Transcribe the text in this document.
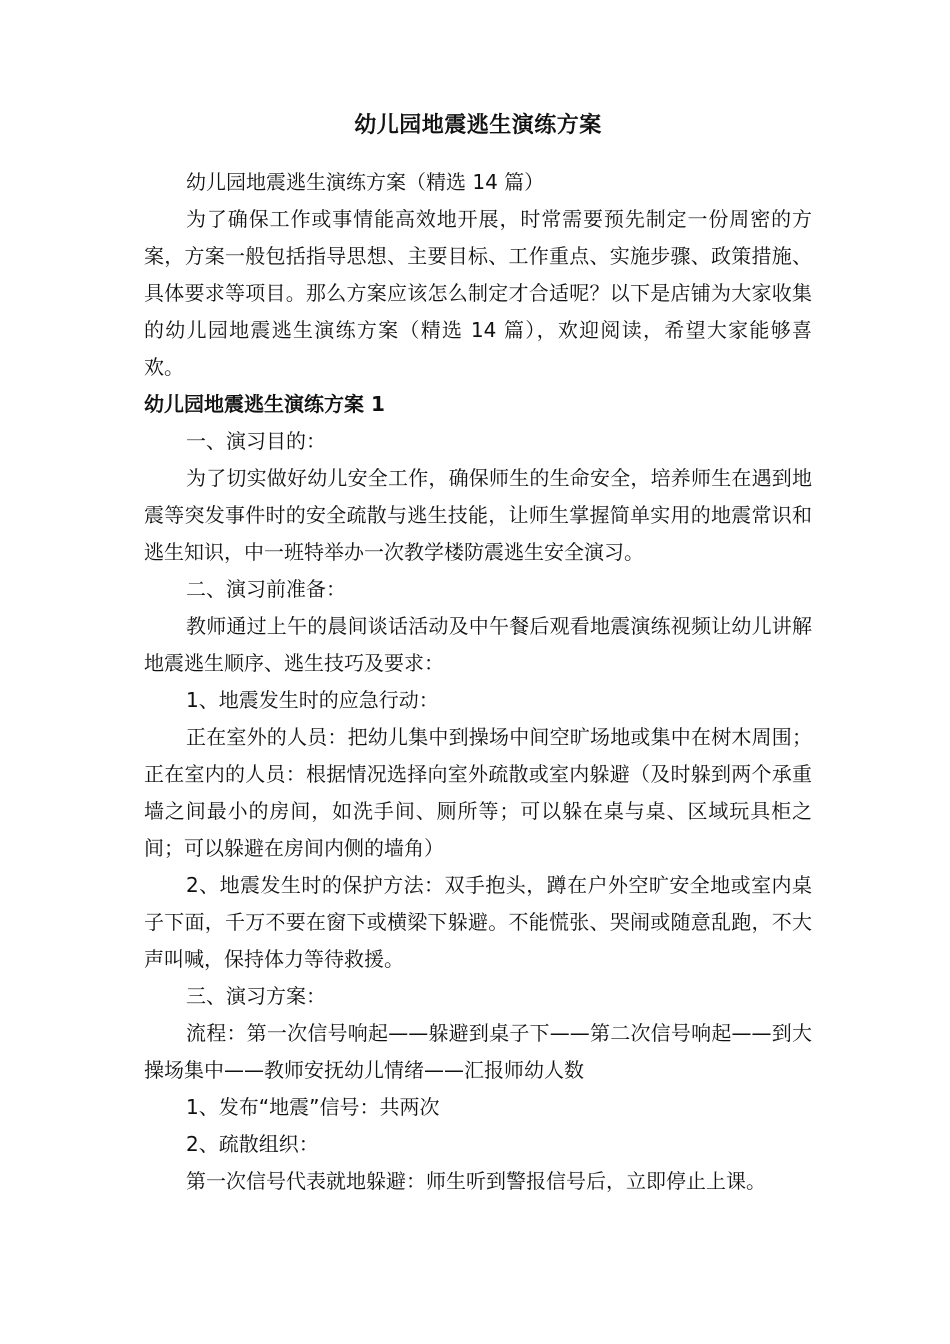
幼儿园地震逃生演练方案

幼儿园地震逃生演练方案（精选 14 篇）

为了确保工作或事情能高效地开展，时常需要预先制定一份周密的方案，方案一般包括指导思想、主要目标、工作重点、实施步骤、政策措施、具体要求等项目。那么方案应该怎么制定才合适呢？以下是店铺为大家收集的幼儿园地震逃生演练方案（精选 14 篇），欢迎阅读，希望大家能够喜欢。

幼儿园地震逃生演练方案 1

一、演习目的：

为了切实做好幼儿安全工作，确保师生的生命安全，培养师生在遇到地震等突发事件时的安全疏散与逃生技能，让师生掌握简单实用的地震常识和逃生知识，中一班特举办一次教学楼防震逃生安全演习。

二、演习前准备：

教师通过上午的晨间谈话活动及中午餐后观看地震演练视频让幼儿讲解地震逃生顺序、逃生技巧及要求：

1、地震发生时的应急行动：

正在室外的人员：把幼儿集中到操场中间空旷场地或集中在树木周围；正在室内的人员：根据情况选择向室外疏散或室内躲避（及时躲到两个承重墙之间最小的房间，如洗手间、厕所等；可以躲在桌与桌、区域玩具柜之间；可以躲避在房间内侧的墙角）

2、地震发生时的保护方法：双手抱头，蹲在户外空旷安全地或室内桌子下面，千万不要在窗下或横梁下躲避。不能慌张、哭闹或随意乱跑，不大声叫喊，保持体力等待救援。

三、演习方案：

流程：第一次信号响起——躲避到桌子下——第二次信号响起——到大操场集中——教师安抚幼儿情绪——汇报师幼人数

1、发布“地震”信号：共两次

2、疏散组织：

第一次信号代表就地躲避：师生听到警报信号后，立即停止上课。
